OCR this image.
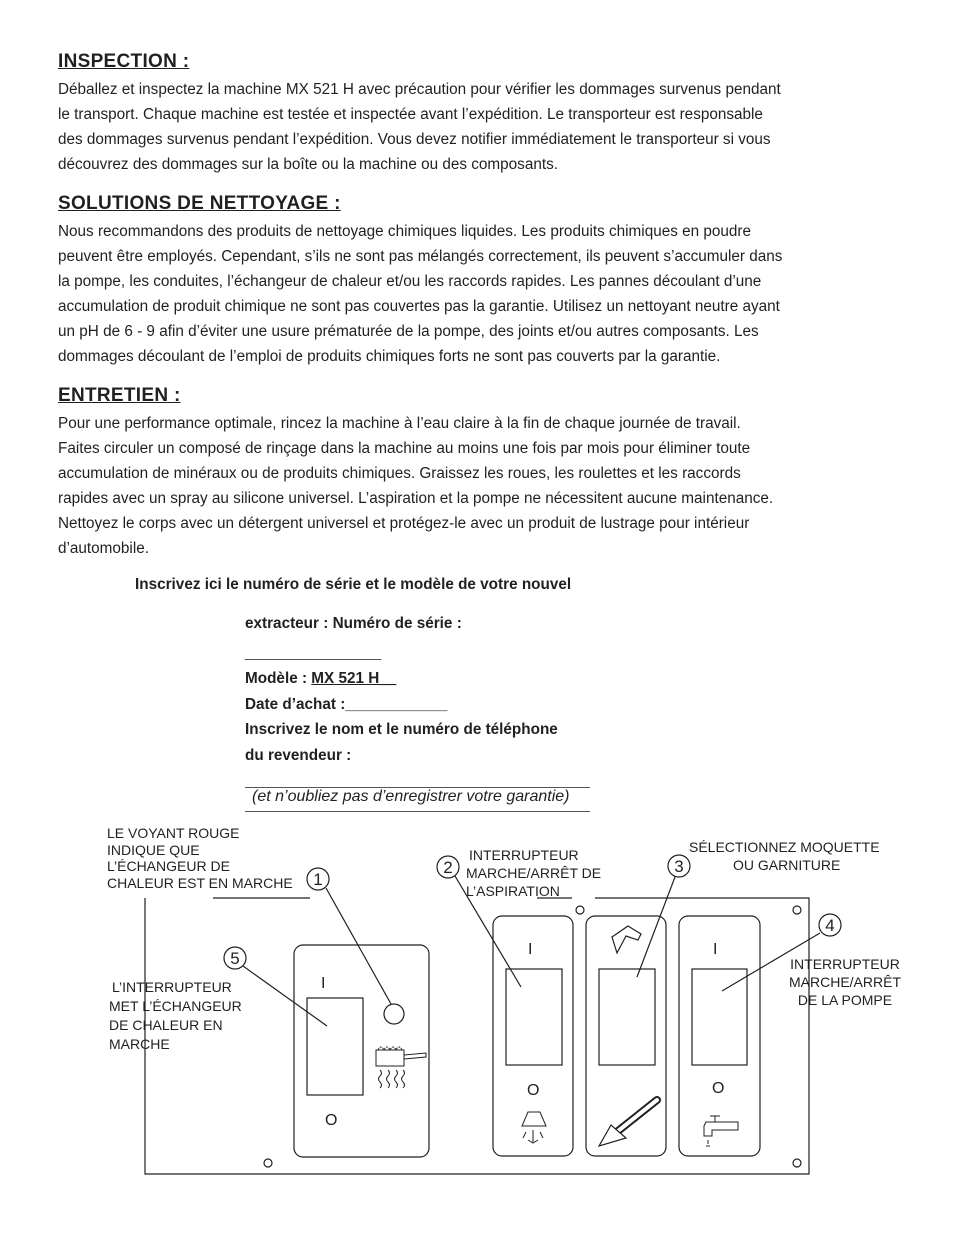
INSPECTION :
Déballez et inspectez la machine MX 521 H avec précaution pour vérifier les dommages survenus pendant
le transport. Chaque machine est testée et inspectée avant l’expédition. Le transporteur est responsable
des dommages survenus pendant l’expédition. Vous devez notifier immédiatement le transporteur si vous
découvrez des dommages sur la boîte ou la machine ou des composants.
SOLUTIONS DE NETTOYAGE :
Nous recommandons des produits de nettoyage chimiques liquides. Les produits chimiques en poudre
peuvent être employés. Cependant, s’ils ne sont pas mélangés correctement, ils peuvent s’accumuler dans
la pompe, les conduites, l’échangeur de chaleur et/ou les raccords rapides. Les pannes découlant d’une
accumulation de produit chimique ne sont pas couvertes pas la garantie. Utilisez un nettoyant neutre ayant
un pH de 6 - 9 afin d’éviter une usure prématurée de la pompe, des joints et/ou autres composants. Les
dommages découlant de l’emploi de produits chimiques forts ne sont pas couverts par la garantie.
ENTRETIEN :
Pour une performance optimale, rincez la machine à l’eau claire à la fin de chaque journée de travail.
Faites circuler un composé de rinçage dans la machine au moins une fois par mois pour éliminer toute
accumulation de minéraux ou de produits chimiques. Graissez les roues, les roulettes et les raccords
rapides avec un spray au silicone universel. L’aspiration et la pompe ne nécessitent aucune maintenance.
Nettoyez le corps avec un détergent universel et protégez-le avec un produit de lustrage pour intérieur
d’automobile.
Inscrivez ici le numéro de série et le modèle de votre nouvel
extracteur : Numéro de série :
________________
Modèle : MX 521 H__
Date d’achat :____________
Inscrivez le nom et le numéro de téléphone
du revendeur :
(et n’oubliez pas d’enregistrer votre garantie)
LE VOYANT ROUGE
INDIQUE QUE
L’ÉCHANGEUR DE
CHALEUR EST EN MARCHE
INTERRUPTEUR
MARCHE/ARRÊT DE
L’ASPIRATION
SÉLECTIONNEZ MOQUETTE
OU GARNITURE
INTERRUPTEUR
MARCHE/ARRÊT
DE LA POMPE
L’INTERRUPTEUR
MET L’ÉCHANGEUR
DE CHALEUR EN
MARCHE
I
O
I
O
I
O
1
2	3
4
5
